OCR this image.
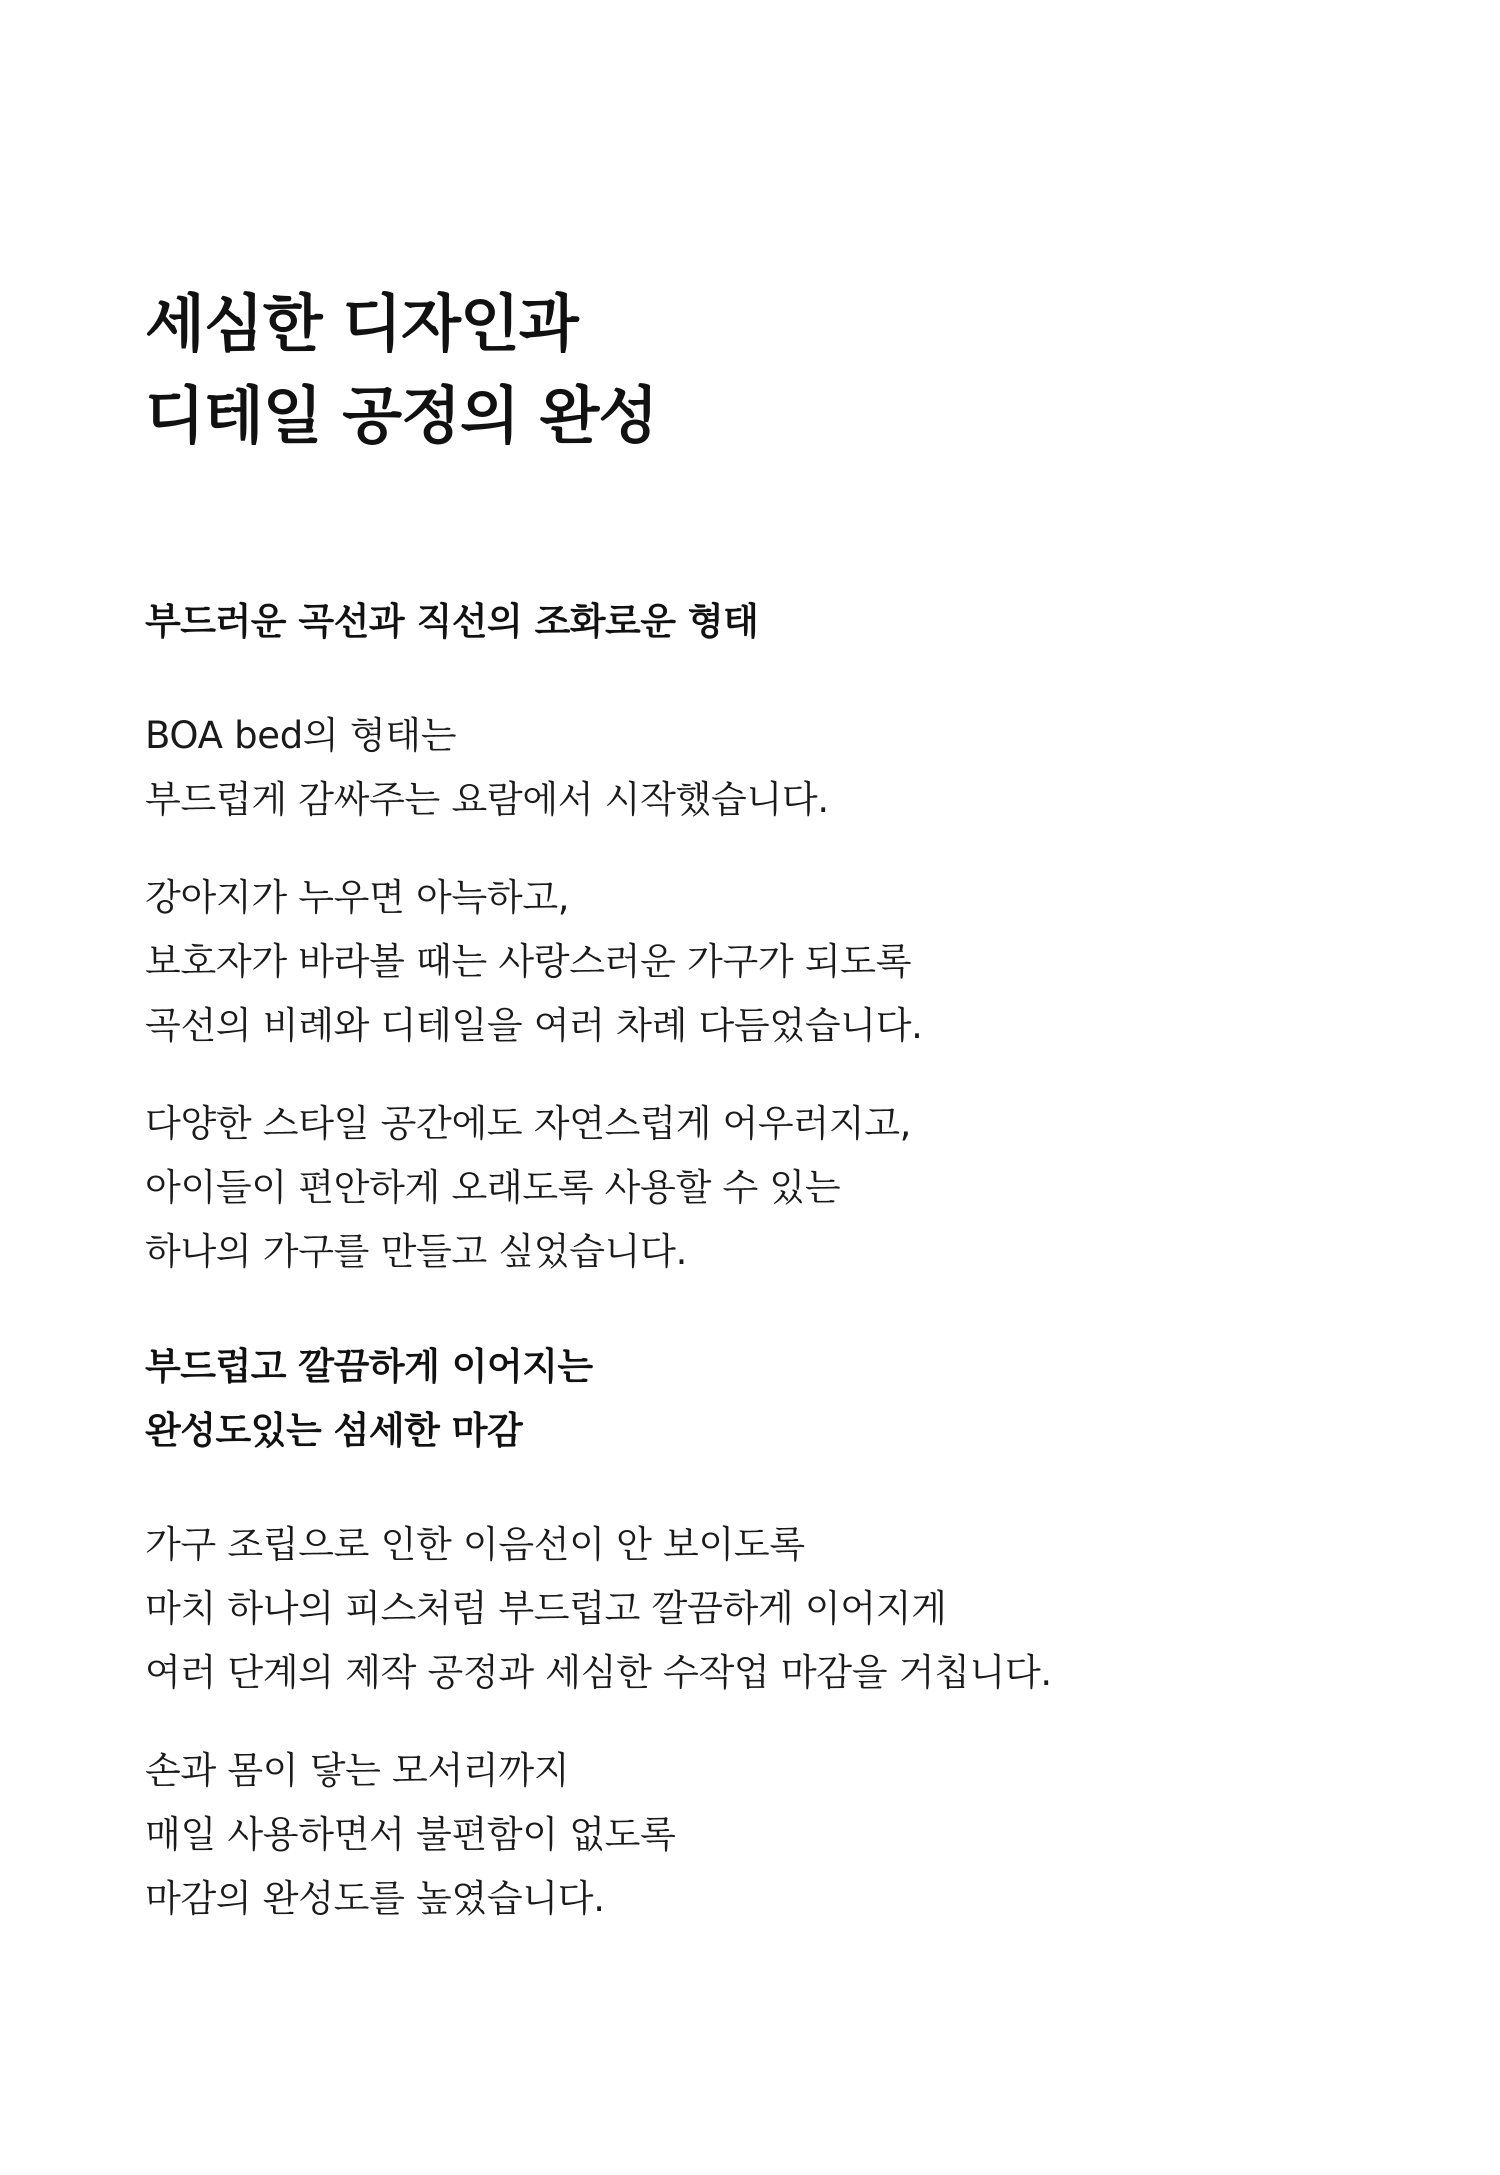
세심한 디자인과
디테일 공정의 완성
부드러운 곡선과 직선의 조화로운 형태

BOA bed의 형태는
부드럽게 감싸주는 요람에서 시작했습니다.

강아지가 누우면 아늑하고,
보호자가 바라볼 때는 사랑스러운 가구가 되도록
곡선의 비례와 디테일을 여러 차례 다듬었습니다.

다양한 스타일 공간에도 자연스럽게 어우러지고,
아이들이 편안하게 오래도록 사용할 수 있는
하나의 가구를 만들고 싶었습니다.

부드럽고 깔끔하게 이어지는
완성도있는 섬세한 마감

가구 조립으로 인한 이음선이 안 보이도록
마치 하나의 피스처럼 부드럽고 깔끔하게 이어지게
여러 단계의 제작 공정과 세심한 수작업 마감을 거칩니다.

손과 몸이 닿는 모서리까지
매일 사용하면서 불편함이 없도록
마감의 완성도를 높였습니다.
